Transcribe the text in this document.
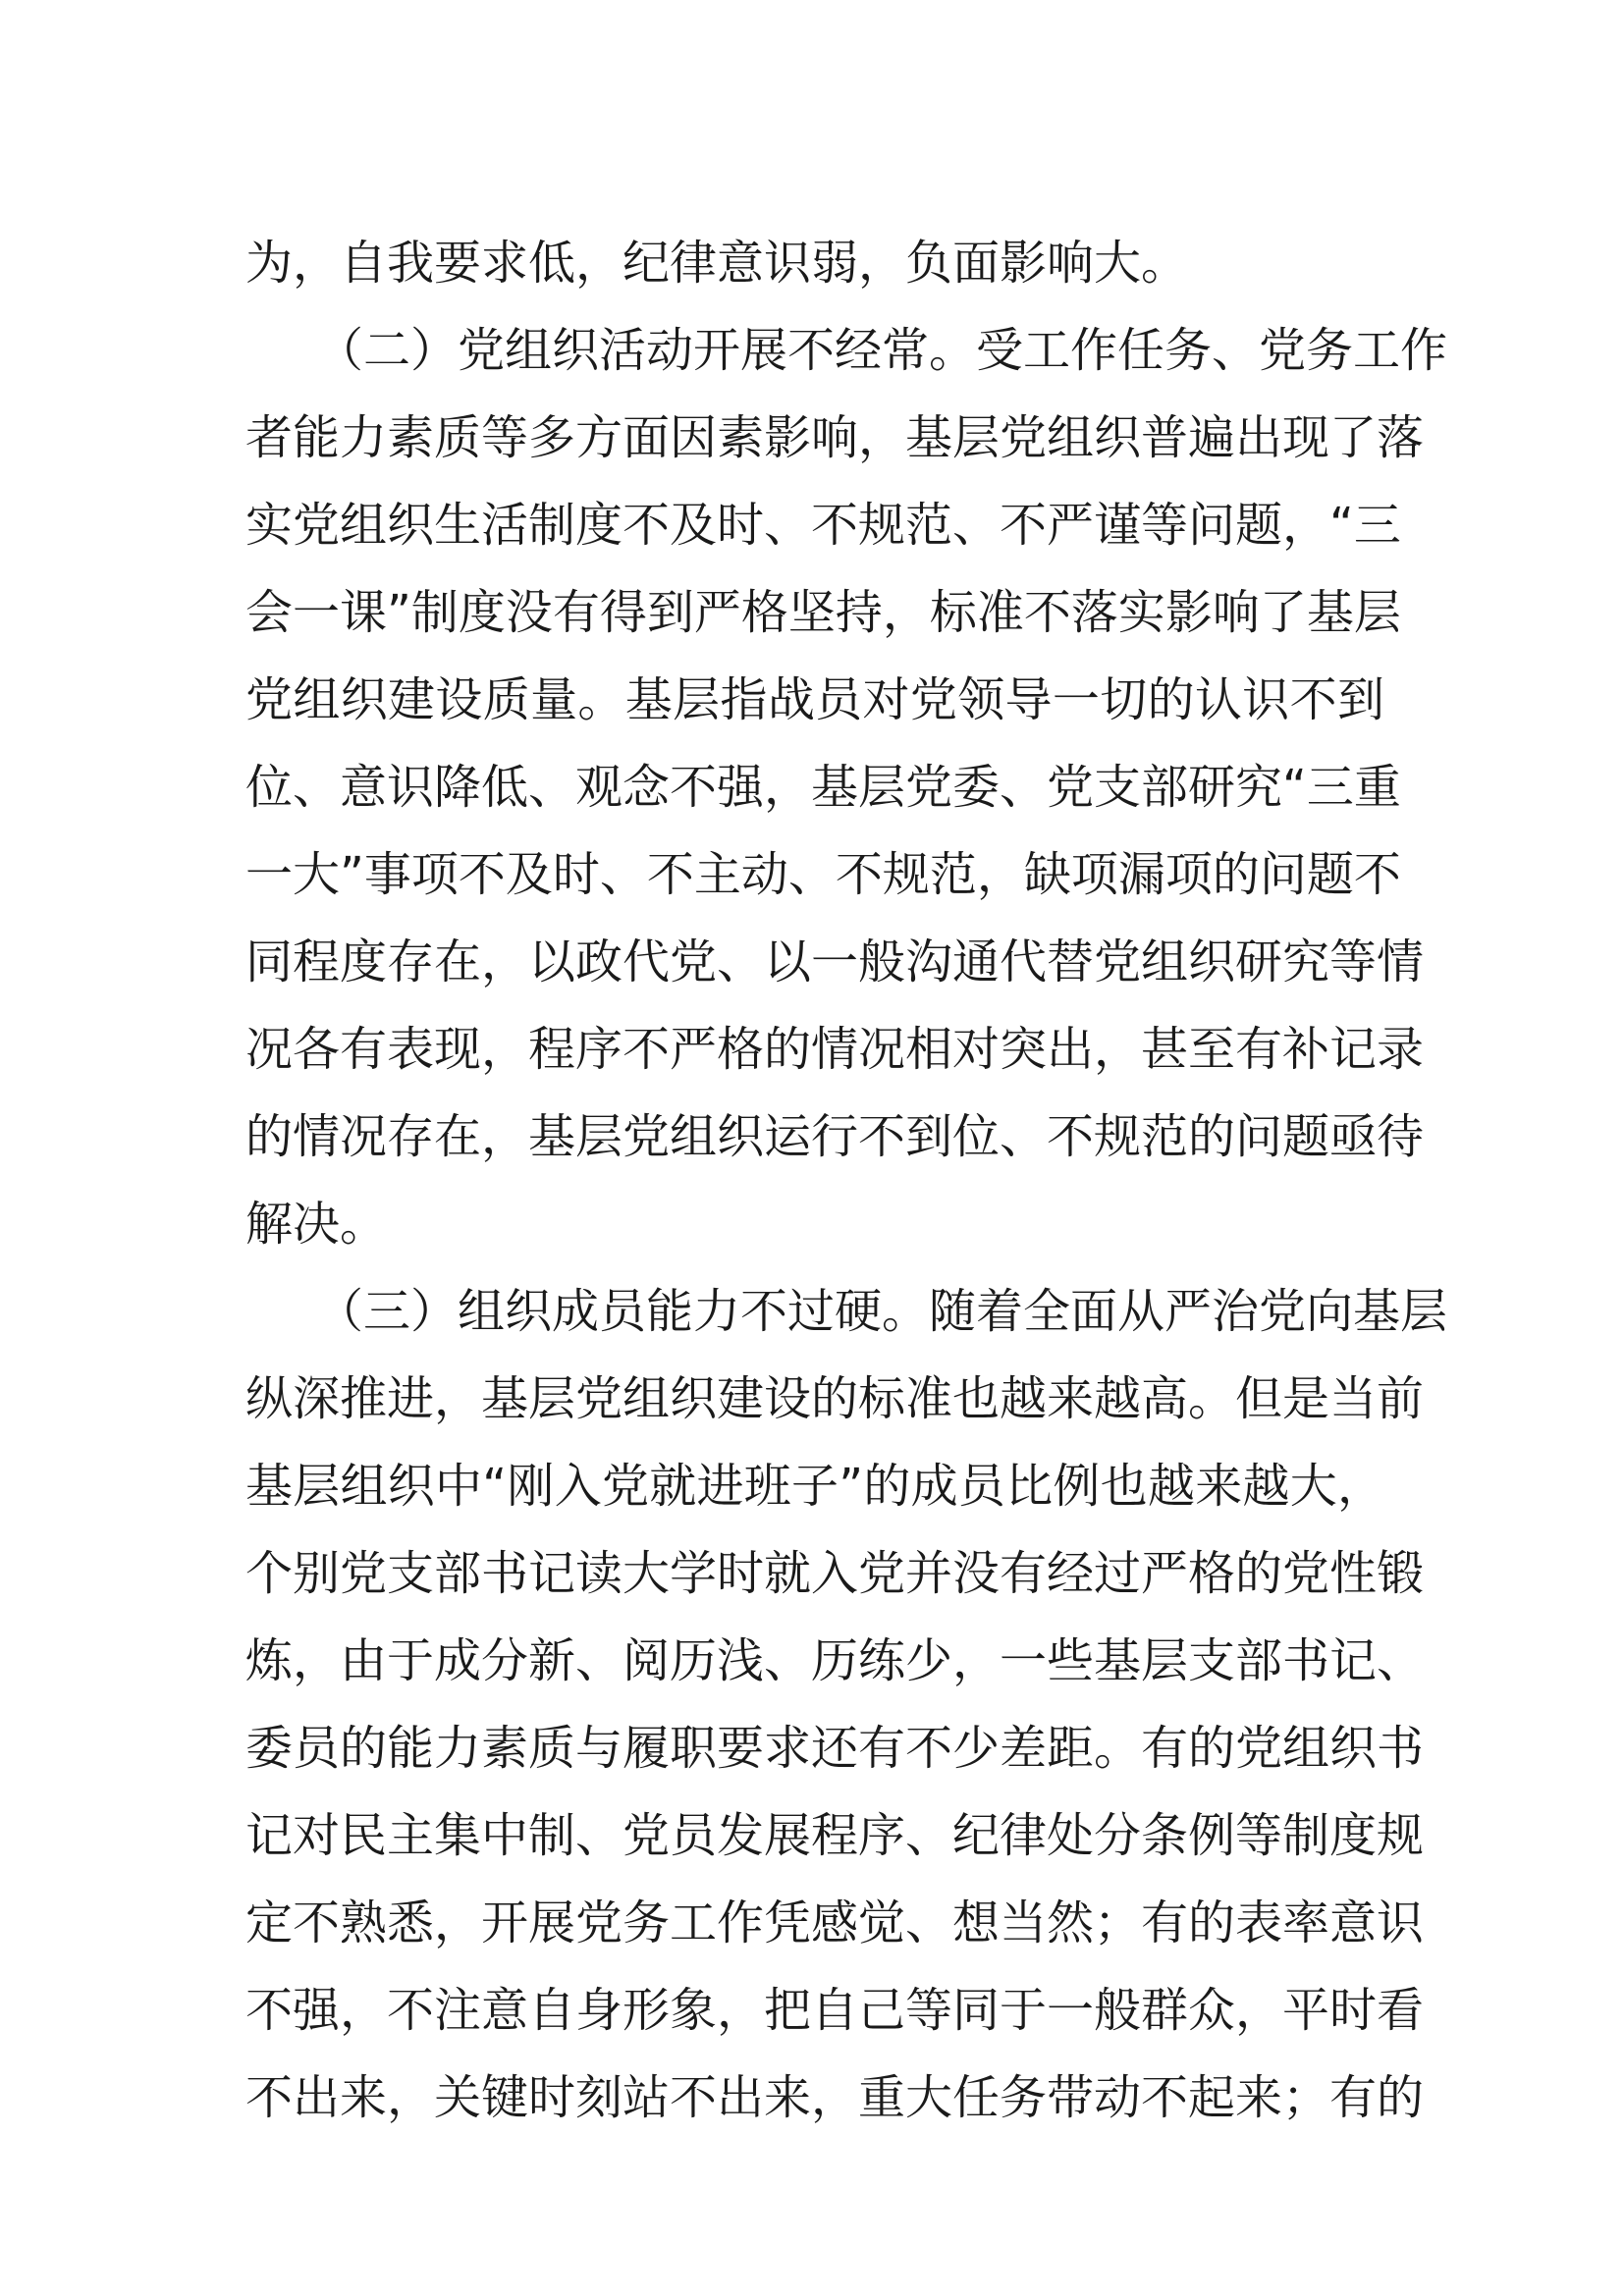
为，自我要求低，纪律意识弱，负面影响大。
（二）党组织活动开展不经常。受工作任务、党务工作
者能力素质等多方面因素影响，基层党组织普遍出现了落
实党组织生活制度不及时、不规范、不严谨等问题，“三
会一课”制度没有得到严格坚持，标准不落实影响了基层
党组织建设质量。基层指战员对党领导一切的认识不到
位、意识降低、观念不强，基层党委、党支部研究“三重
一大”事项不及时、不主动、不规范，缺项漏项的问题不
同程度存在，以政代党、以一般沟通代替党组织研究等情
况各有表现，程序不严格的情况相对突出，甚至有补记录
的情况存在，基层党组织运行不到位、不规范的问题亟待
解决。
（三）组织成员能力不过硬。随着全面从严治党向基层
纵深推进，基层党组织建设的标准也越来越高。但是当前
基层组织中“刚入党就进班子”的成员比例也越来越大，
个别党支部书记读大学时就入党并没有经过严格的党性锻
炼，由于成分新、阅历浅、历练少，一些基层支部书记、
委员的能力素质与履职要求还有不少差距。有的党组织书
记对民主集中制、党员发展程序、纪律处分条例等制度规
定不熟悉，开展党务工作凭感觉、想当然；有的表率意识
不强，不注意自身形象，把自己等同于一般群众，平时看
不出来，关键时刻站不出来，重大任务带动不起来；有的
